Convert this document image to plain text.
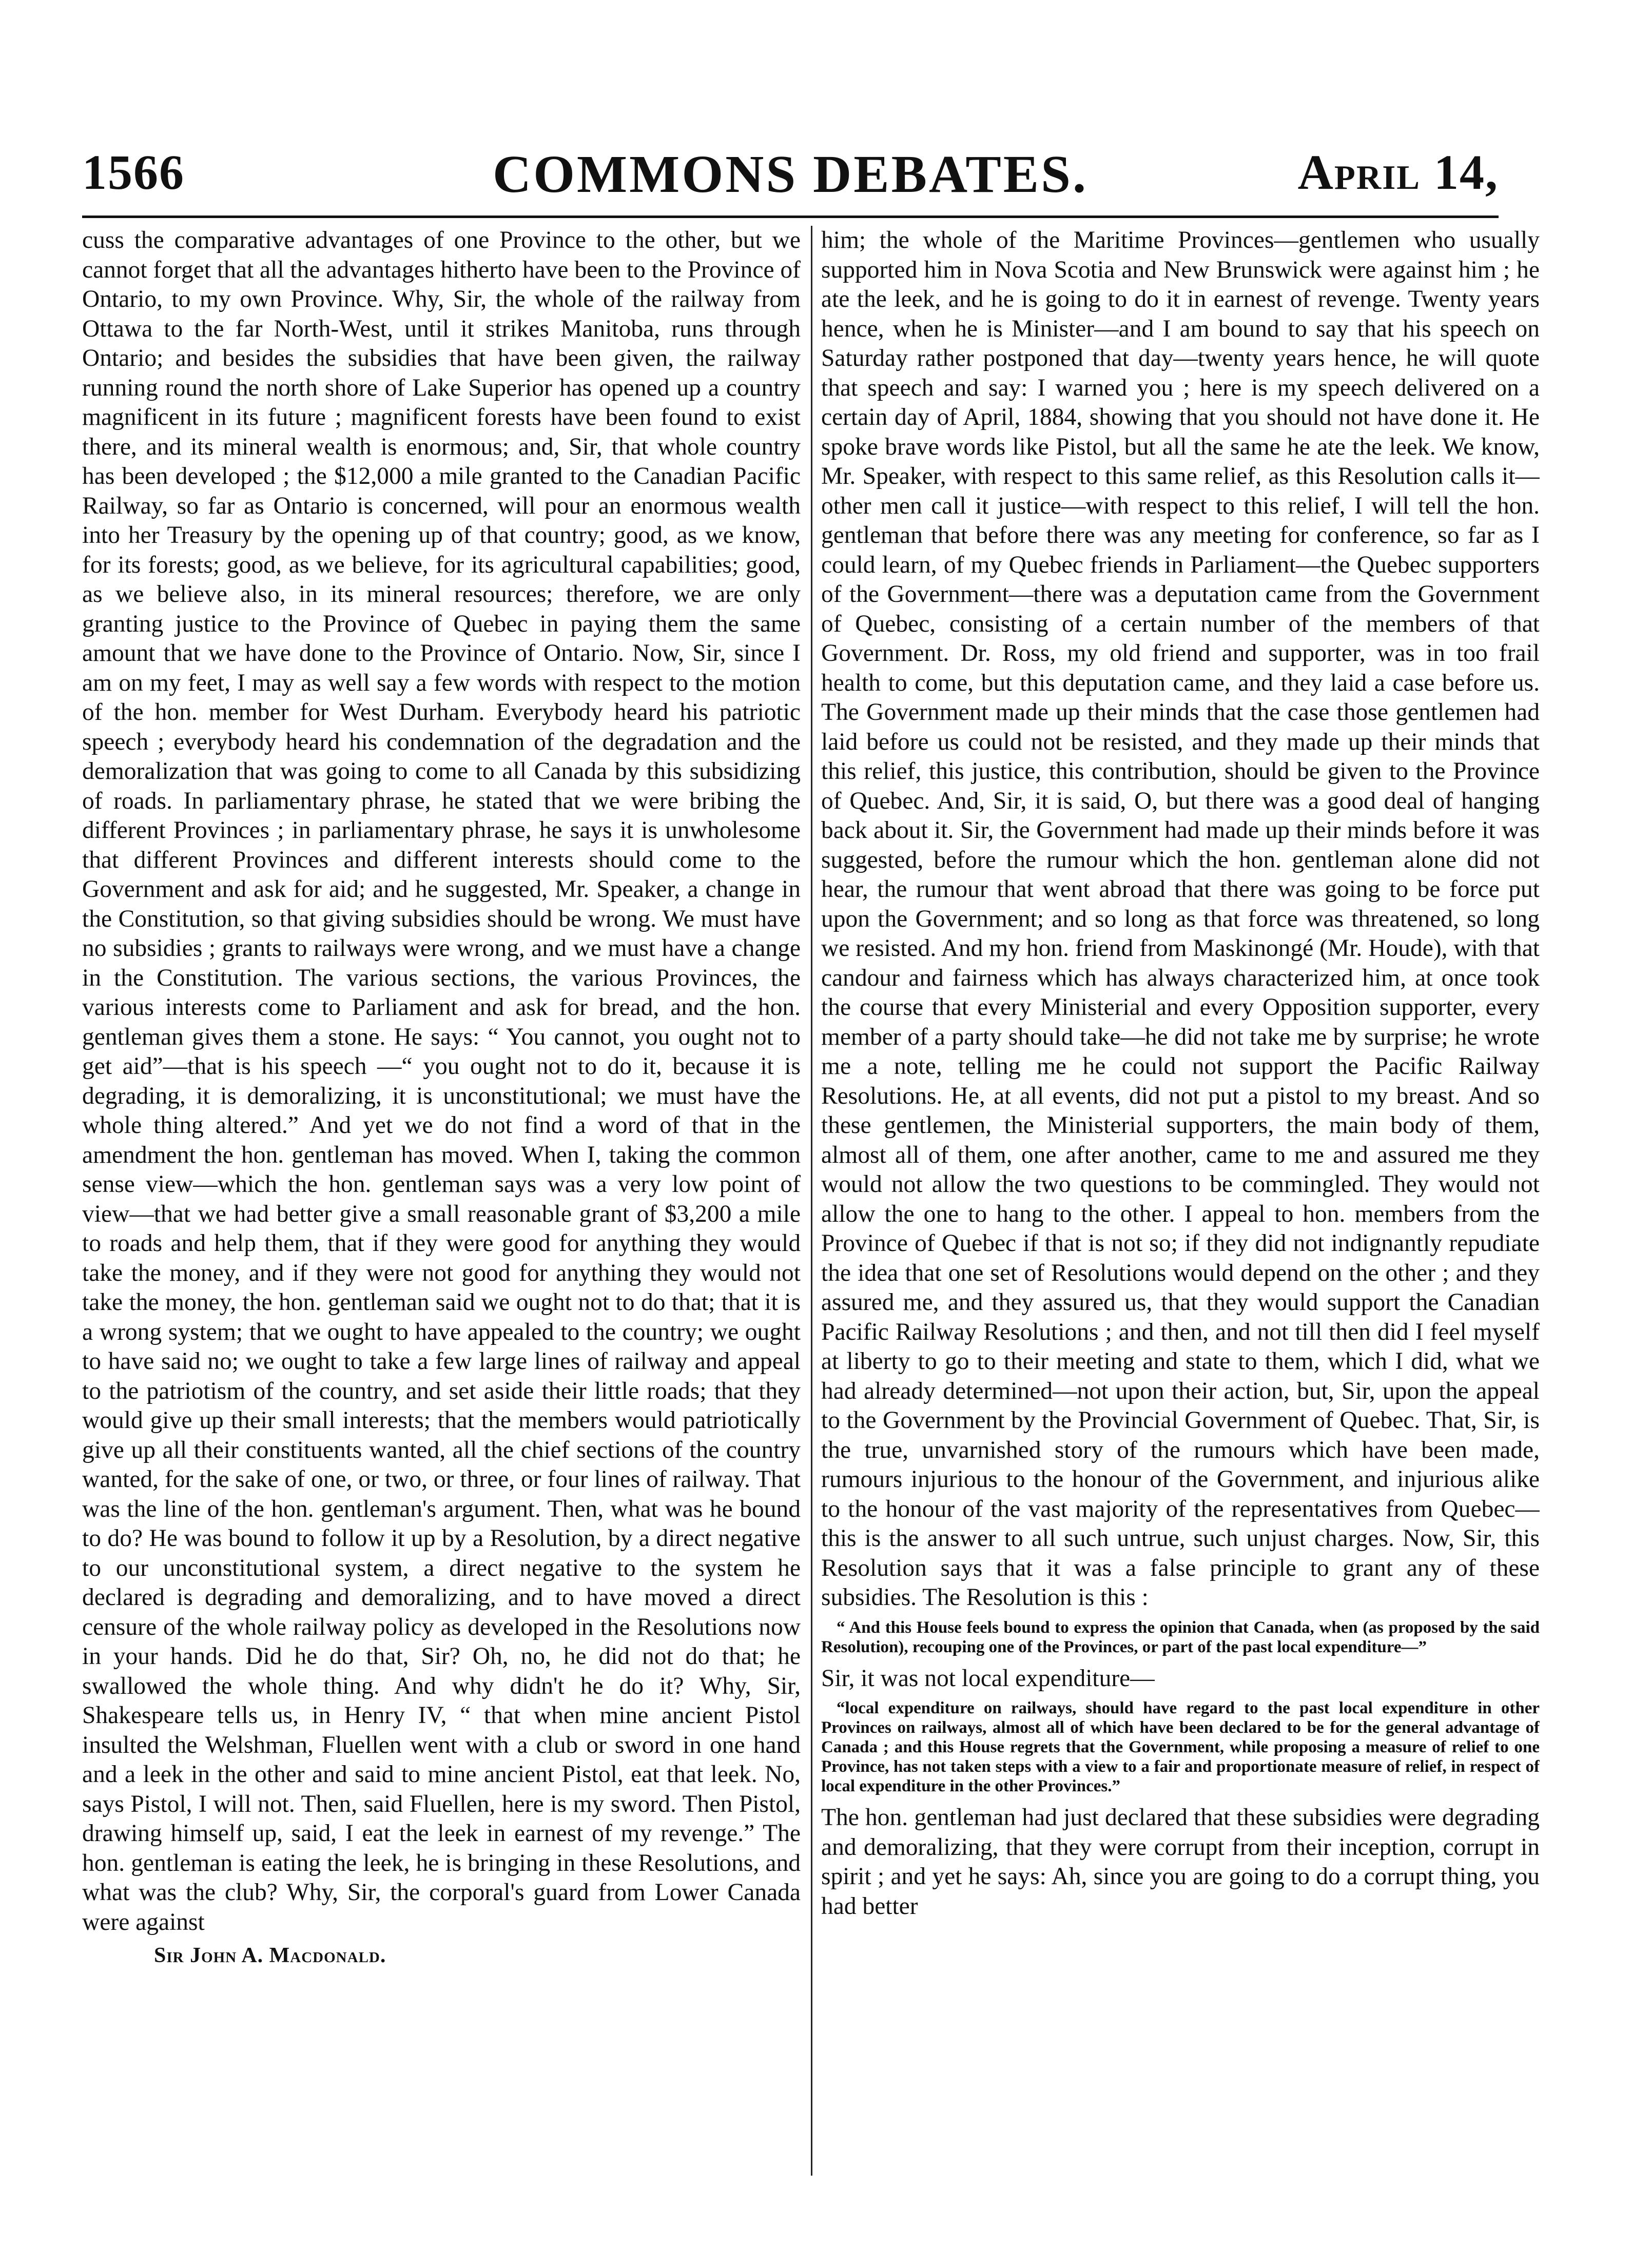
1566	COMMONS DEBATES.	April 14,

cuss the comparative advantages of one Province to the other, but we cannot forget that all the advantages hitherto have been to the Province of Ontario, to my own Province. Why, Sir, the whole of the railway from Ottawa to the far North-West, until it strikes Manitoba, runs through Ontario; and besides the subsidies that have been given, the railway running round the north shore of Lake Superior has opened up a country magnificent in its future ; magnificent forests have been found to exist there, and its mineral wealth is enormous; and, Sir, that whole country has been developed ; the $12,000 a mile granted to the Canadian Pacific Railway, so far as Ontario is concerned, will pour an enormous wealth into her Treasury by the opening up of that country; good, as we know, for its forests; good, as we believe, for its agricultural capabilities; good, as we believe also, in its mineral resources; therefore, we are only granting justice to the Province of Quebec in paying them the same amount that we have done to the Province of Ontario. Now, Sir, since I am on my feet, I may as well say a few words with respect to the motion of the hon. member for West Durham. Everybody heard his patriotic speech ; everybody heard his condemnation of the degradation and the demoralization that was going to come to all Canada by this subsidizing of roads. In parliamentary phrase, he stated that we were bribing the different Provinces ; in parliamentary phrase, he says it is unwholesome that different Provinces and different interests should come to the Government and ask for aid; and he suggested, Mr. Speaker, a change in the Constitution, so that giving subsidies should be wrong. We must have no subsidies ; grants to railways were wrong, and we must have a change in the Constitution. The various sections, the various Provinces, the various interests come to Parliament and ask for bread, and the hon. gentleman gives them a stone. He says: “ You cannot, you ought not to get aid”—that is his speech —“ you ought not to do it, because it is degrading, it is demoralizing, it is unconstitutional; we must have the whole thing altered.” And yet we do not find a word of that in the amendment the hon. gentleman has moved. When I, taking the common sense view—which the hon. gentleman says was a very low point of view—that we had better give a small reasonable grant of $3,200 a mile to roads and help them, that if they were good for anything they would take the money, and if they were not good for anything they would not take the money, the hon. gentleman said we ought not to do that; that it is a wrong system; that we ought to have appealed to the country; we ought to have said no; we ought to take a few large lines of railway and appeal to the patriotism of the country, and set aside their little roads; that they would give up their small interests; that the members would patriotically give up all their constituents wanted, all the chief sections of the country wanted, for the sake of one, or two, or three, or four lines of railway. That was the line of the hon. gentleman's argument. Then, what was he bound to do? He was bound to follow it up by a Resolution, by a direct negative to our unconstitutional system, a direct negative to the system he declared is degrading and demoralizing, and to have moved a direct censure of the whole railway policy as developed in the Resolutions now in your hands. Did he do that, Sir? Oh, no, he did not do that; he swallowed the whole thing. And why didn't he do it? Why, Sir, Shakespeare tells us, in Henry IV, “ that when mine ancient Pistol insulted the Welshman, Fluellen went with a club or sword in one hand and a leek in the other and said to mine ancient Pistol, eat that leek. No, says Pistol, I will not. Then, said Fluellen, here is my sword. Then Pistol, drawing himself up, said, I eat the leek in earnest of my revenge.” The hon. gentleman is eating the leek, he is bringing in these Resolutions, and what was the club? Why, Sir, the corporal's guard from Lower Canada were against

Sir John A. Macdonald.

him; the whole of the Maritime Provinces—gentlemen who usually supported him in Nova Scotia and New Brunswick were against him ; he ate the leek, and he is going to do it in earnest of revenge. Twenty years hence, when he is Minister—and I am bound to say that his speech on Saturday rather postponed that day—twenty years hence, he will quote that speech and say: I warned you ; here is my speech delivered on a certain day of April, 1884, showing that you should not have done it. He spoke brave words like Pistol, but all the same he ate the leek. We know, Mr. Speaker, with respect to this same relief, as this Resolution calls it—other men call it justice—with respect to this relief, I will tell the hon. gentleman that before there was any meeting for conference, so far as I could learn, of my Quebec friends in Parliament—the Quebec supporters of the Government—there was a deputation came from the Government of Quebec, consisting of a certain number of the members of that Government. Dr. Ross, my old friend and supporter, was in too frail health to come, but this deputation came, and they laid a case before us. The Government made up their minds that the case those gentlemen had laid before us could not be resisted, and they made up their minds that this relief, this justice, this contribution, should be given to the Province of Quebec. And, Sir, it is said, O, but there was a good deal of hanging back about it. Sir, the Government had made up their minds before it was suggested, before the rumour which the hon. gentleman alone did not hear, the rumour that went abroad that there was going to be force put upon the Government; and so long as that force was threatened, so long we resisted. And my hon. friend from Maskinongé (Mr. Houde), with that candour and fairness which has always characterized him, at once took the course that every Ministerial and every Opposition supporter, every member of a party should take—he did not take me by surprise; he wrote me a note, telling me he could not support the Pacific Railway Resolutions. He, at all events, did not put a pistol to my breast. And so these gentlemen, the Ministerial supporters, the main body of them, almost all of them, one after another, came to me and assured me they would not allow the two questions to be commingled. They would not allow the one to hang to the other. I appeal to hon. members from the Province of Quebec if that is not so; if they did not indignantly repudiate the idea that one set of Resolutions would depend on the other ; and they assured me, and they assured us, that they would support the Canadian Pacific Railway Resolutions ; and then, and not till then did I feel myself at liberty to go to their meeting and state to them, which I did, what we had already determined—not upon their action, but, Sir, upon the appeal to the Government by the Provincial Government of Quebec. That, Sir, is the true, unvarnished story of the rumours which have been made, rumours injurious to the honour of the Government, and injurious alike to the honour of the vast majority of the representatives from Quebec—this is the answer to all such untrue, such unjust charges. Now, Sir, this Resolution says that it was a false principle to grant any of these subsidies. The Resolution is this :

“ And this House feels bound to express the opinion that Canada, when (as proposed by the said Resolution), recouping one of the Provinces, or part of the past local expenditure—”

Sir, it was not local expenditure—

“local expenditure on railways, should have regard to the past local expenditure in other Provinces on railways, almost all of which have been declared to be for the general advantage of Canada ; and this House regrets that the Government, while proposing a measure of relief to one Province, has not taken steps with a view to a fair and proportionate measure of relief, in respect of local expenditure in the other Provinces.”

The hon. gentleman had just declared that these subsidies were degrading and demoralizing, that they were corrupt from their inception, corrupt in spirit ; and yet he says: Ah, since you are going to do a corrupt thing, you had better
